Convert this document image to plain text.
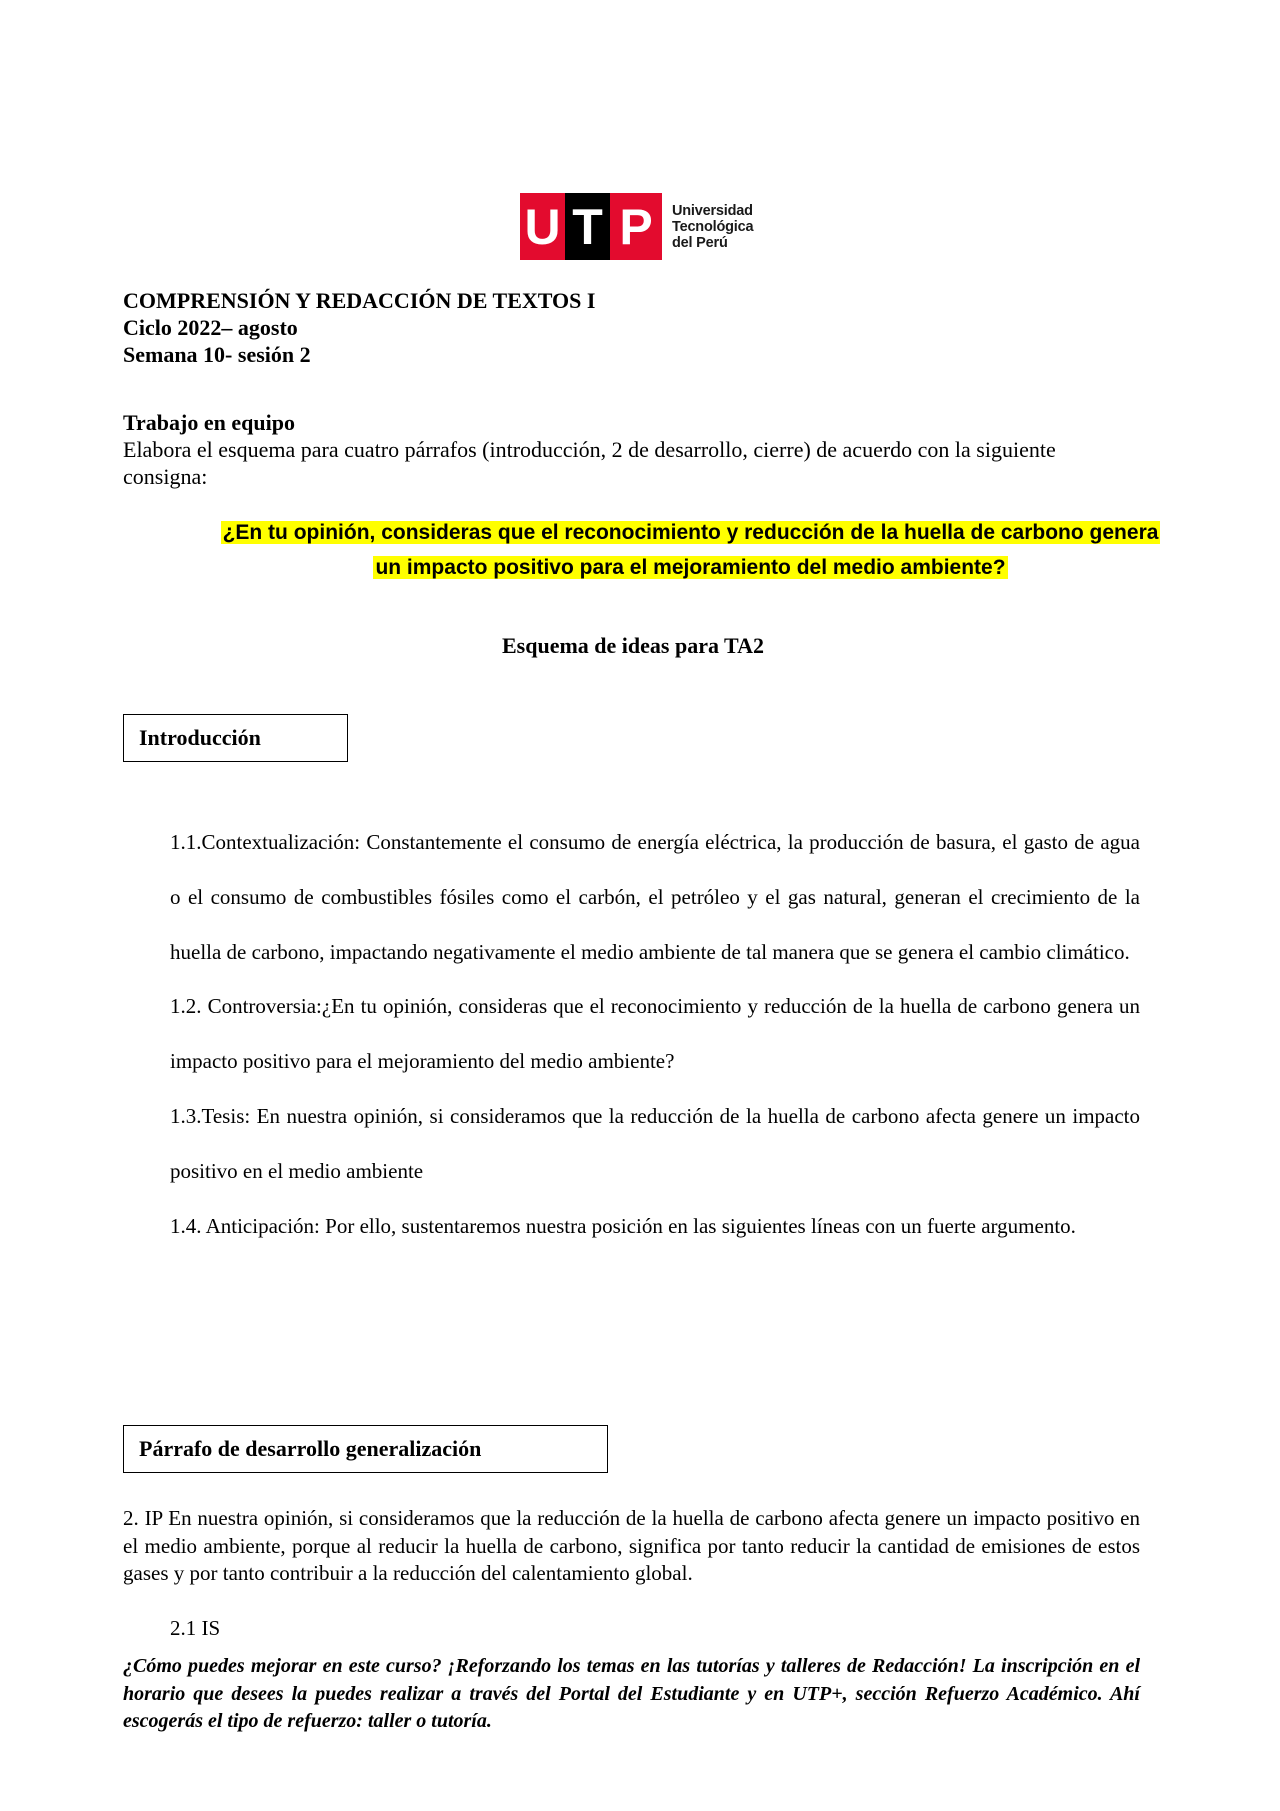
U T P	Universidad
Tecnológica
del Perú
COMPRENSIÓN Y REDACCIÓN DE TEXTOS I
Ciclo 2022– agosto
Semana 10- sesión 2
Trabajo en equipo
Elabora el esquema para cuatro párrafos (introducción, 2 de desarrollo, cierre) de acuerdo con la siguiente consigna:
¿En tu opinión, consideras que el reconocimiento y reducción de la huella de carbono genera
un impacto positivo para el mejoramiento del medio ambiente?
Esquema de ideas para TA2
Introducción

1.1.Contextualización: Constantemente el consumo de energía eléctrica, la producción de basura, el gasto de agua o el consumo de combustibles fósiles como el carbón, el petróleo y el gas natural, generan el crecimiento de la huella de carbono, impactando negativamente el medio ambiente de tal manera que se genera el cambio climático.

1.2. Controversia:¿En tu opinión, consideras que el reconocimiento y reducción de la huella de carbono genera un impacto positivo para el mejoramiento del medio ambiente?

1.3.Tesis: En nuestra opinión, si consideramos que la reducción de la huella de carbono afecta genere un impacto positivo en el medio ambiente

1.4. Anticipación: Por ello, sustentaremos nuestra posición en las siguientes líneas con un fuerte argumento.

Párrafo de desarrollo generalización
2. IP En nuestra opinión, si consideramos que la reducción de la huella de carbono afecta genere un impacto positivo en el medio ambiente, porque al reducir la huella de carbono, significa por tanto reducir la cantidad de emisiones de estos gases y por tanto contribuir a la reducción del calentamiento global.
2.1 IS
¿Cómo puedes mejorar en este curso? ¡Reforzando los temas en las tutorías y talleres de Redacción! La inscripción en el horario que desees la puedes realizar a través del Portal del Estudiante y en UTP+, sección Refuerzo Académico. Ahí escogerás el tipo de refuerzo: taller o tutoría.
